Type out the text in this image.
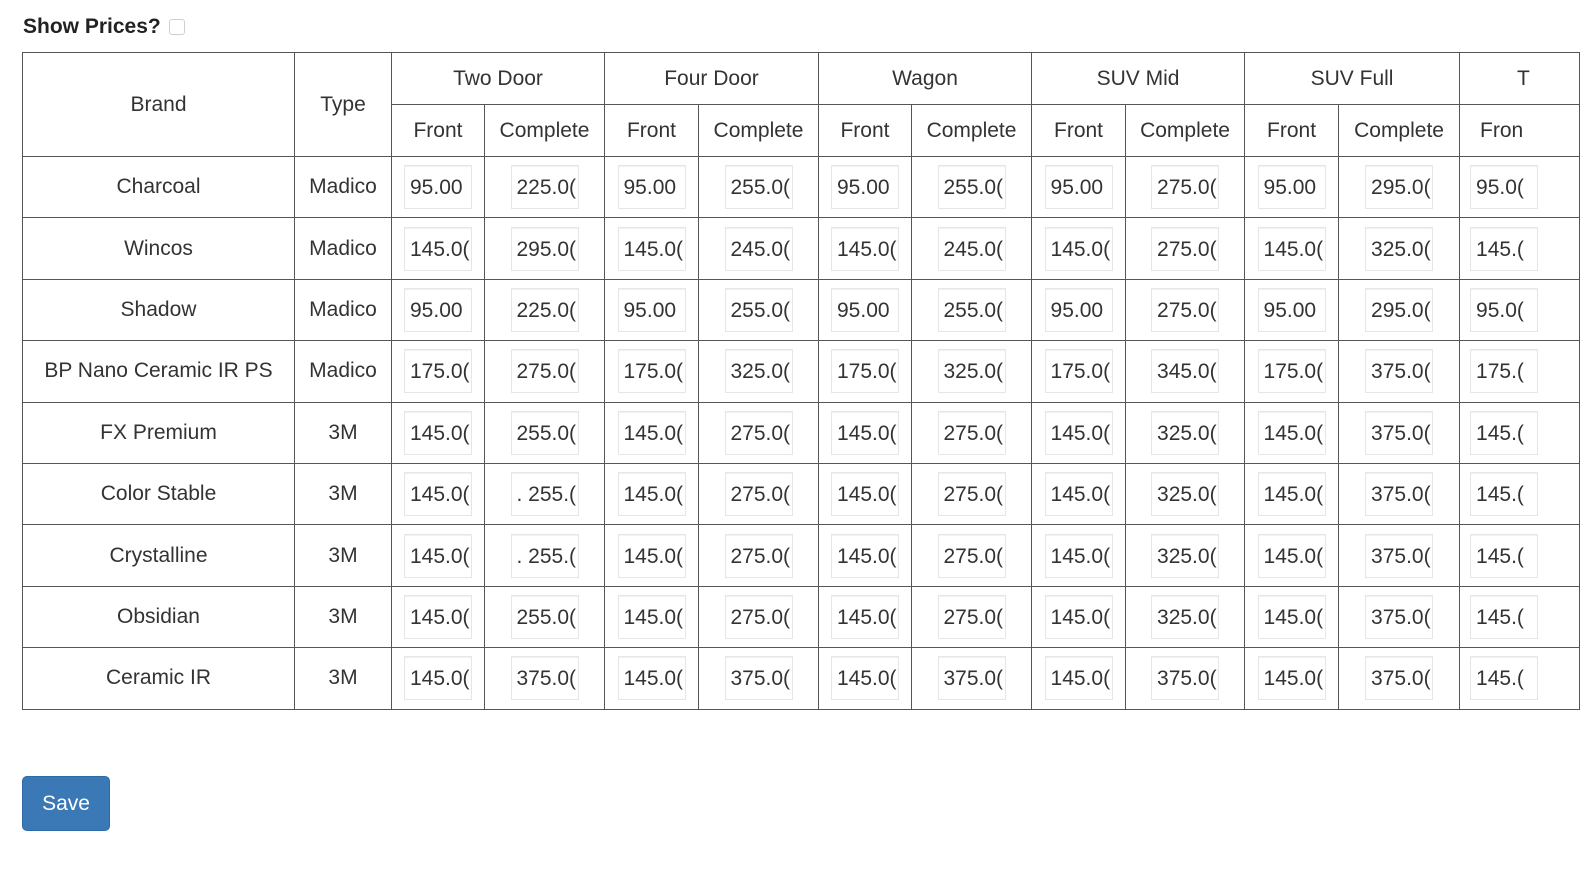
Show Prices?
Brand	Type	Two Door		Four Door		Wagon		SUV Mid		SUV Full		T	
		Front	Complete	Front	Complete	Front	Complete	Front	Complete	Front	Complete	Fron	
Charcoal	Madico	95.00	225.0(	95.00	255.0(	95.00	255.0(	95.00	275.0(	95.00	295.0(	95.0(	
Wincos	Madico	145.0(	295.0(	145.0(	245.0(	145.0(	245.0(	145.0(	275.0(	145.0(	325.0(	145.(	
Shadow	Madico	95.00	225.0(	95.00	255.0(	95.00	255.0(	95.00	275.0(	95.00	295.0(	95.0(	
BP Nano Ceramic IR PS	Madico	175.0(	275.0(	175.0(	325.0(	175.0(	325.0(	175.0(	345.0(	175.0(	375.0(	175.(	
FX Premium	3M	145.0(	255.0(	145.0(	275.0(	145.0(	275.0(	145.0(	325.0(	145.0(	375.0(	145.(	
Color Stable	3M	145.0(	. 255.(	145.0(	275.0(	145.0(	275.0(	145.0(	325.0(	145.0(	375.0(	145.(	
Crystalline	3M	145.0(	. 255.(	145.0(	275.0(	145.0(	275.0(	145.0(	325.0(	145.0(	375.0(	145.(	
Obsidian	3M	145.0(	255.0(	145.0(	275.0(	145.0(	275.0(	145.0(	325.0(	145.0(	375.0(	145.(	
Ceramic IR	3M	145.0(	375.0(	145.0(	375.0(	145.0(	375.0(	145.0(	375.0(	145.0(	375.0(	145.(	
Save
